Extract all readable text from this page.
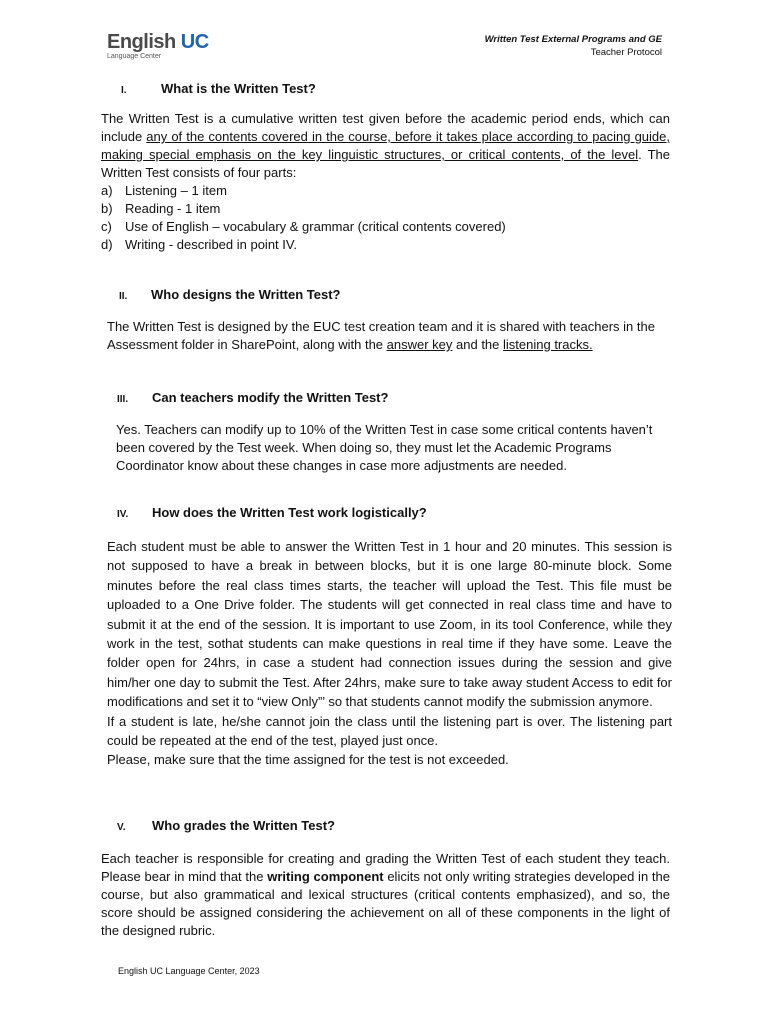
English UC
Language Center
Written Test External Programs and GE
Teacher Protocol
I.	What is the Written Test?
The Written Test is a cumulative written test given before the academic period ends, which can include any of the contents covered in the course, before it takes place according to pacing guide, making special emphasis on the key linguistic structures, or critical contents, of the level. The Written Test consists of four parts:
a) Listening – 1 item
b) Reading - 1 item
c) Use of English – vocabulary & grammar (critical contents covered)
d) Writing - described in point IV.
II. Who designs the Written Test?
The Written Test is designed by the EUC test creation team and it is shared with teachers in the Assessment folder in SharePoint, along with the answer key and the listening tracks.
III. Can teachers modify the Written Test?
Yes. Teachers can modify up to 10% of the Written Test in case some critical contents haven’t been covered by the Test week. When doing so, they must let the Academic Programs Coordinator know about these changes in case more adjustments are needed.
IV. How does the Written Test work logistically?
Each student must be able to answer the Written Test in 1 hour and 20 minutes. This session is not supposed to have a break in between blocks, but it is one large 80-minute block. Some minutes before the real class times starts, the teacher will upload the Test. This file must be uploaded to a One Drive folder. The students will get connected in real class time and have to submit it at the end of the session. It is important to use Zoom, in its tool Conference, while they work in the test, sothat students can make questions in real time if they have some. Leave the folder open for 24hrs, in case a student had connection issues during the session and give him/her one day to submit the Test. After 24hrs, make sure to take away student Access to edit for modifications and set it to “view Only”’ so that students cannot modify the submission anymore.
If a student is late, he/she cannot join the class until the listening part is over. The listening part could be repeated at the end of the test, played just once.
Please, make sure that the time assigned for the test is not exceeded.
V. Who grades the Written Test?
Each teacher is responsible for creating and grading the Written Test of each student they teach. Please bear in mind that the writing component elicits not only writing strategies developed in the course, but also grammatical and lexical structures (critical contents emphasized), and so, the score should be assigned considering the achievement on all of these components in the light of the designed rubric.
English UC Language Center, 2023
